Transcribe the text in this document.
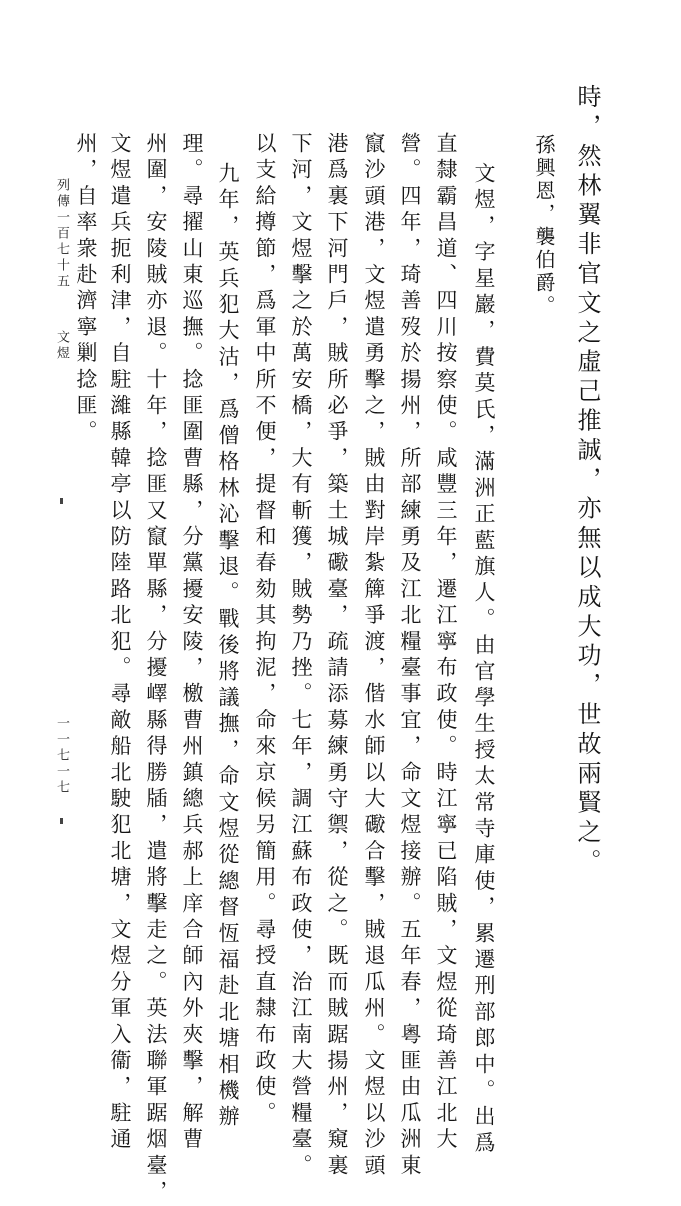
時，然林翼非官文之虛己推誠，亦無以成大功，世故兩賢之。
孫興恩，襲伯爵。
文煜，字星巖，費莫氏，滿洲正藍旗人。由官學生授太常寺庫使，累遷刑部郎中。出爲
直隸霸昌道、四川按察使。咸豐三年，遷江寧布政使。時江寧已陷賊，文煜從琦善江北大
營。四年，琦善歿於揚州，所部練勇及江北糧臺事宜，命文煜接辦。五年春，粵匪由瓜洲東
竄沙頭港，文煜遣勇擊之，賊由對岸紮簰爭渡，偕水師以大礮合擊，賊退瓜州。文煜以沙頭
港爲裏下河門戶，賊所必爭，築土城礮臺，疏請添募練勇守禦，從之。既而賊踞揚州，窺裏
下河，文煜擊之於萬安橋，大有斬獲，賊勢乃挫。七年，調江蘇布政使，治江南大營糧臺。
以支給撙節，爲軍中所不便，提督和春劾其拘泥，命來京候另簡用。尋授直隸布政使。
九年，英兵犯大沽，爲僧格林沁擊退。戰後將議撫，命文煜從總督恆福赴北塘相機辦
理。尋擢山東巡撫。捻匪圍曹縣，分黨擾安陵，檄曹州鎮總兵郝上庠合師內外夾擊，解曹
州圍，安陵賊亦退。十年，捻匪又竄單縣，分擾嶧縣得勝牐，遣將擊走之。英法聯軍踞烟臺，
文煜遣兵扼利津，自駐濰縣韓亭以防陸路北犯。尋敵船北駛犯北塘，文煜分軍入衞，駐通
州，自率衆赴濟寧剿捻匪。
列傳一百七十五
文煜
一一七一七
